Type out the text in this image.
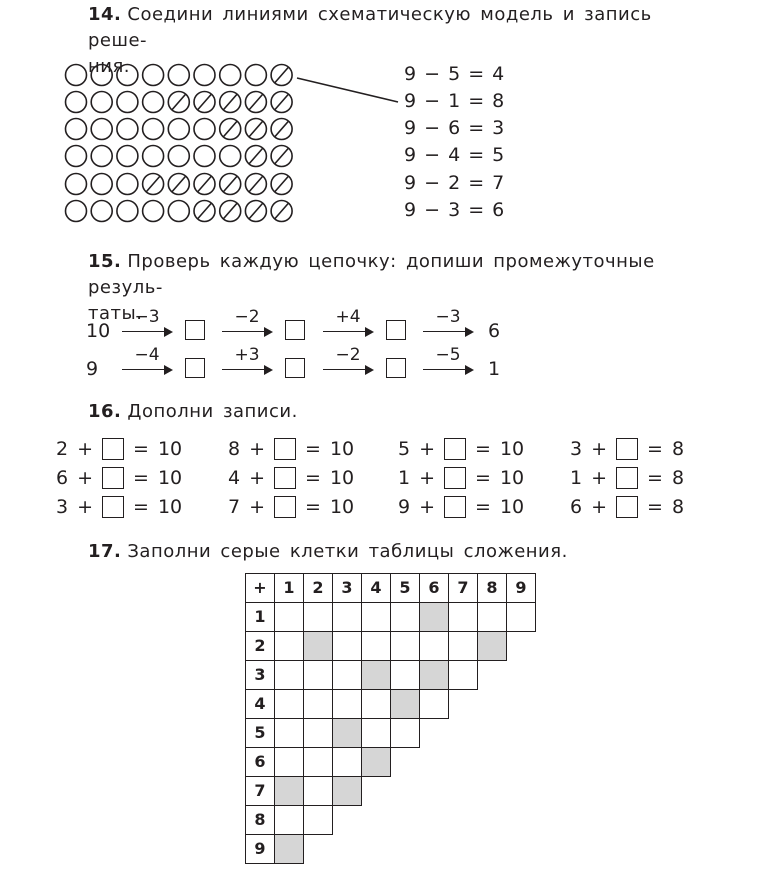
14. Соедини линиями схематическую модель и запись реше-
ния.	9 − 5 = 4
9 − 1 = 8
9 − 6 = 3
9 − 4 = 5
9 − 2 = 7
9 − 3 = 6
15. Проверь каждую цепочку: допиши промежуточные резуль-
таты.
10
−3	−2	+4	−3
6
9
−4	+3	−2	−5
1
16. Дополни записи.
2 + = 10 8 + = 10 5 + = 10 3 + = 8
6 + = 10 4 + = 10 1 + = 10 1 + = 8
3 + = 10 7 + = 10 9 + = 10 6 + = 8
17. Заполни серые клетки таблицы сложения.
+	1	2	3	4	5	6	7	8	9
1
2
3
4
5
6
7
8
9
